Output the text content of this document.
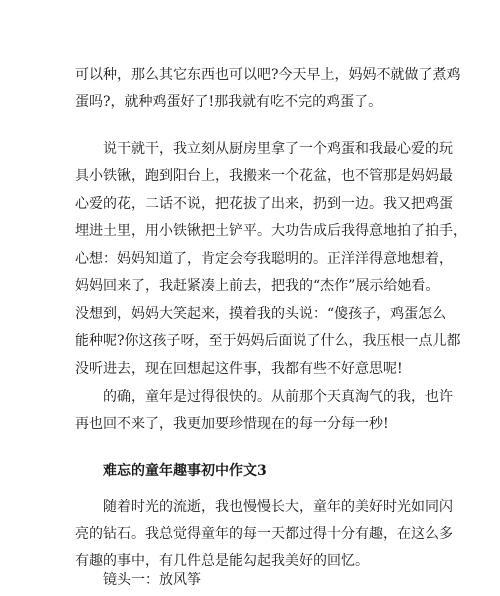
可以种，那么其它东西也可以吧?今天早上，妈妈不就做了煮鸡
蛋吗?，就种鸡蛋好了!那我就有吃不完的鸡蛋了。
说干就干，我立刻从厨房里拿了一个鸡蛋和我最心爱的玩
具小铁锹，跑到阳台上，我搬来一个花盆，也不管那是妈妈最
心爱的花，二话不说，把花拔了出来，扔到一边。我又把鸡蛋
埋进土里，用小铁锹把土铲平。大功告成后我得意地拍了拍手，
心想：妈妈知道了，肯定会夸我聪明的。正洋洋得意地想着，
妈妈回来了，我赶紧凑上前去，把我的“杰作”展示给她看。
没想到，妈妈大笑起来，摸着我的头说：“傻孩子，鸡蛋怎么
能种呢?你这孩子呀，至于妈妈后面说了什么，我压根一点儿都
没听进去，现在回想起这件事，我都有些不好意思呢!
的确，童年是过得很快的。从前那个天真淘气的我，也许
再也回不来了，我更加要珍惜现在的每一分每一秒!
难忘的童年趣事初中作文3
随着时光的流逝，我也慢慢长大，童年的美好时光如同闪
亮的钻石。我总觉得童年的每一天都过得十分有趣，在这么多
有趣的事中，有几件总是能勾起我美好的回忆。
镜头一：放风筝
